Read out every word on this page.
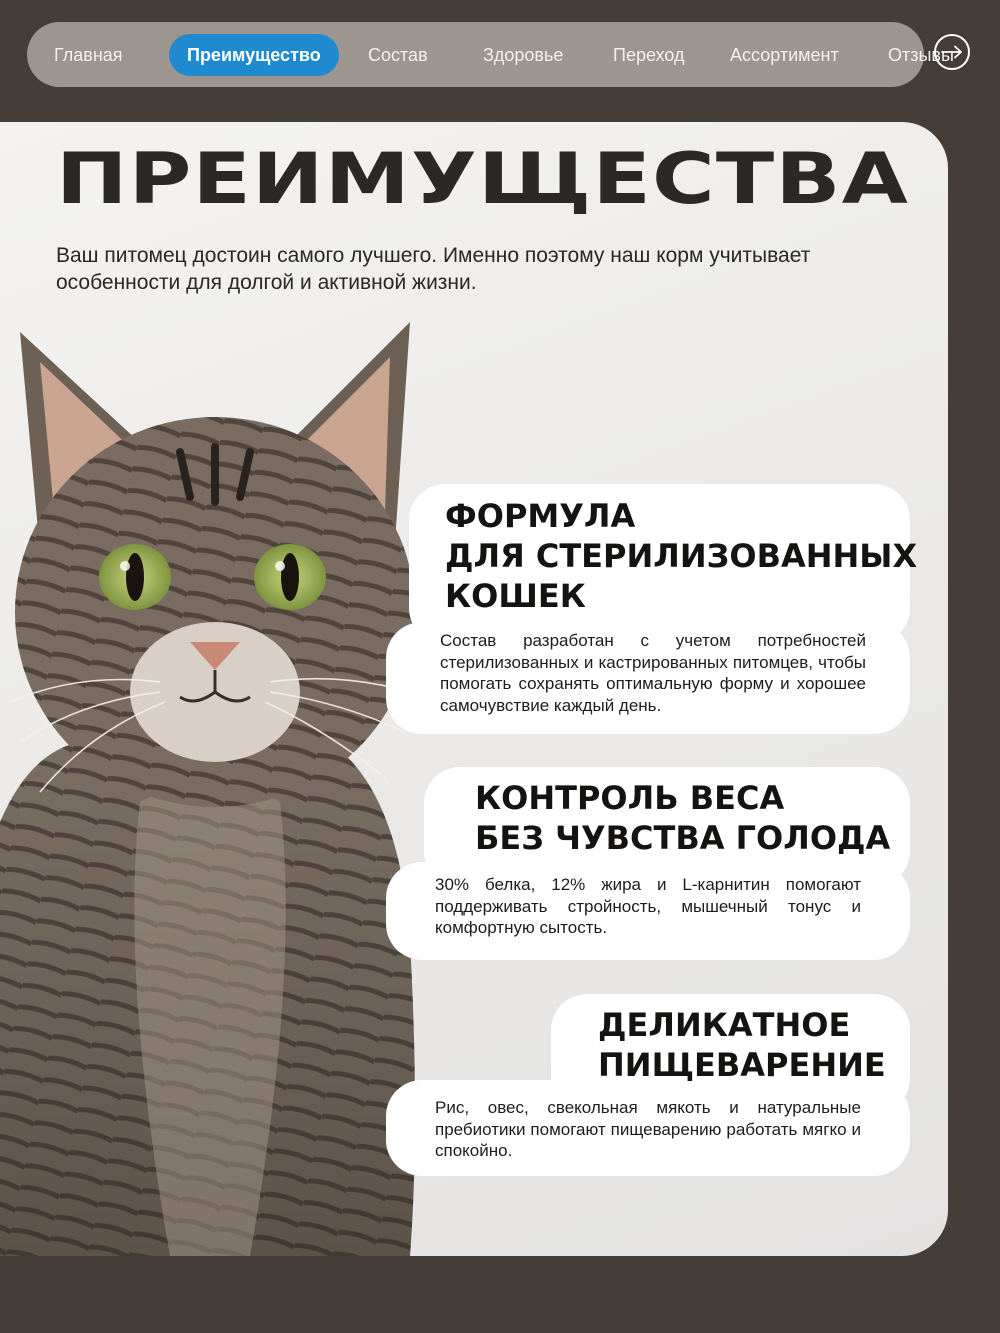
Главная	Преимущество	Состав	Здоровье	Переход	Ассортимент	Отзывы
ПРЕИМУЩЕСТВА

Ваш питомец достоин самого лучшего. Именно поэтому наш корм учитывает особенности для долгой и активной жизни.

ФОРМУЛА
ДЛЯ СТЕРИЛИЗОВАННЫХ
КОШЕК

Состав разработан с учетом потребностей стерилизованных и кастрированных питомцев, чтобы помогать сохранять оптимальную форму и хорошее самочувствие каждый день.

КОНТРОЛЬ ВЕСА
БЕЗ ЧУВСТВА ГОЛОДА

30% белка, 12% жира и L-карнитин помогают поддерживать стройность, мышечный тонус и комфортную сытость.

ДЕЛИКАТНОЕ
ПИЩЕВАРЕНИЕ

Рис, овес, свекольная мякоть и натуральные пребиотики помогают пищеварению работать мягко и спокойно.
